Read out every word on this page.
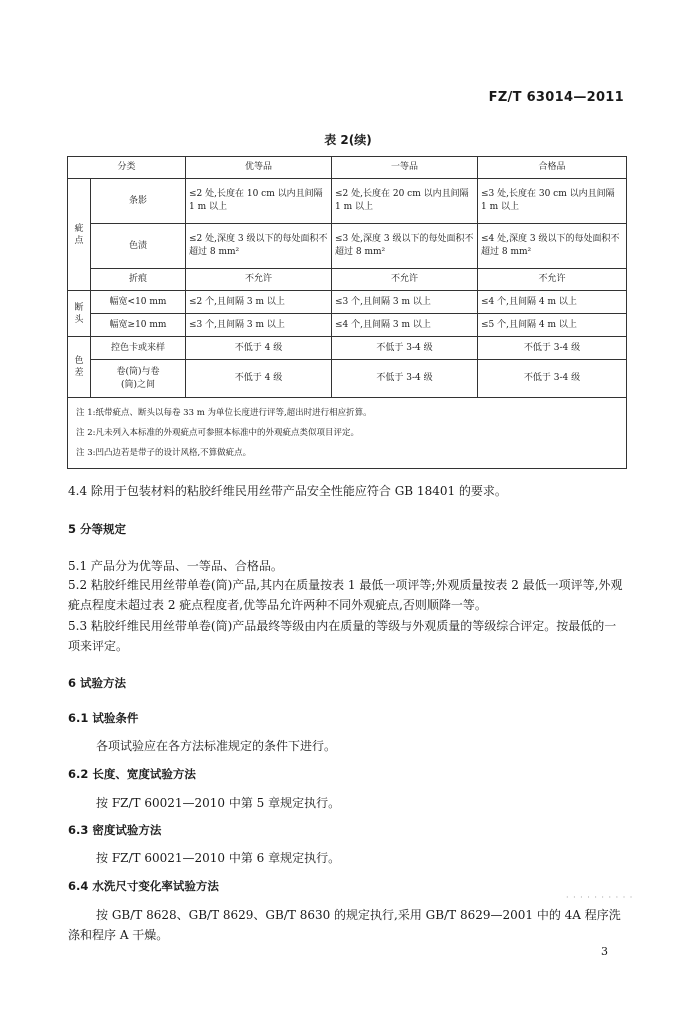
FZ/T 63014—2011
表 2(续)
分类		优等品	一等品	合格品

疵点	条影	≤2 处,长度在 10 cm 以内且间隔 1 m 以上	≤2 处,长度在 20 cm 以内且间隔 1 m 以上	≤3 处,长度在 30 cm 以内且间隔 1 m 以上
	色渍	≤2 处,深度 3 级以下的每处面积不超过 8 mm²	≤3 处,深度 3 级以下的每处面积不超过 8 mm²	≤4 处,深度 3 级以下的每处面积不超过 8 mm²
	折痕	不允许	不允许	不允许

断头	幅宽<10 mm	≤2 个,且间隔 3 m 以上	≤3 个,且间隔 3 m 以上	≤4 个,且间隔 4 m 以上
	幅宽≥10 mm	≤3 个,且间隔 3 m 以上	≤4 个,且间隔 3 m 以上	≤5 个,且间隔 4 m 以上

色差	控色卡或来样	不低于 4 级	不低于 3-4 级	不低于 3-4 级

	卷(筒)与卷
(筒)之间	不低于 4 级	不低于 3-4 级	不低于 3-4 级

注 1:纸带疵点、断头以每卷 33 m 为单位长度进行评等,超出时进行相应折算。
注 2:凡未列入本标准的外观疵点可参照本标准中的外观疵点类似项目评定。
注 3:凹凸边若是带子的设计风格,不算做疵点。				
4.4 除用于包装材料的粘胶纤维民用丝带产品安全性能应符合 GB 18401 的要求。
5 分等规定
5.1 产品分为优等品、一等品、合格品。
5.2 粘胶纤维民用丝带单卷(筒)产品,其内在质量按表 1 最低一项评等;外观质量按表 2 最低一项评等,外观疵点程度未超过表 2 疵点程度者,优等品允许两种不同外观疵点,否则顺降一等。
5.3 粘胶纤维民用丝带单卷(筒)产品最终等级由内在质量的等级与外观质量的等级综合评定。按最低的一项来评定。
6 试验方法
6.1 试验条件
各项试验应在各方法标准规定的条件下进行。
6.2 长度、宽度试验方法
按 FZ/T 60021—2010 中第 5 章规定执行。
6.3 密度试验方法
按 FZ/T 60021—2010 中第 6 章规定执行。
6.4 水洗尺寸变化率试验方法
· · · · · · · · · ·
按 GB/T 8628、GB/T 8629、GB/T 8630 的规定执行,采用 GB/T 8629—2001 中的 4A 程序洗涤和程序 A 干燥。
3
